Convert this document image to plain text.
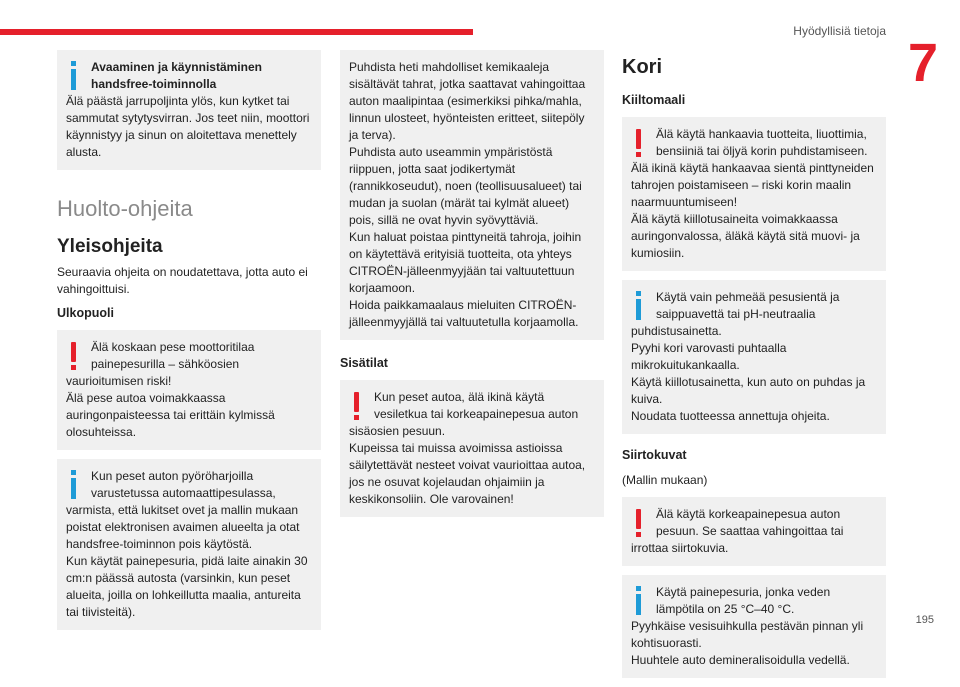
Hyödyllisiä tietoja
7
195
Avaaminen ja käynnistäminen handsfree-toiminnolla

Älä päästä jarrupoljinta ylös, kun kytket tai sammutat sytytysvirran. Jos teet niin, moottori käynnistyy ja sinun on aloitettava menettely alusta.

Huolto-ohjeita
Yleisohjeita

Seuraavia ohjeita on noudatettava, jotta auto ei vahingoittuisi.

Ulkopuoli

Älä koskaan pese moottoritilaa painepesurilla – sähköosien vaurioitumisen riski!

Älä pese autoa voimakkaassa auringonpaisteessa tai erittäin kylmissä olosuhteissa.

Kun peset auton pyöröharjoilla varustetussa automaattipesulassa, varmista, että lukitset ovet ja mallin mukaan poistat elektronisen avaimen alueelta ja otat handsfree-toiminnon pois käytöstä.

Kun käytät painepesuria, pidä laite ainakin 30 cm:n päässä autosta (varsinkin, kun peset alueita, joilla on lohkeillutta maalia, antureita tai tiivisteitä).

Puhdista heti mahdolliset kemikaaleja sisältävät tahrat, jotka saattavat vahingoittaa auton maalipintaa (esimerkiksi pihka/mahla, linnun ulosteet, hyönteisten eritteet, siitepöly ja terva).

Puhdista auto useammin ympäristöstä riippuen, jotta saat jodikertymät (rannikkoseudut), noen (teollisuusalueet) tai mudan ja suolan (märät tai kylmät alueet) pois, sillä ne ovat hyvin syövyttäviä.

Kun haluat poistaa pinttyneitä tahroja, joihin on käytettävä erityisiä tuotteita, ota yhteys CITROËN-jälleenmyyjään tai valtuutettuun korjaamoon.

Hoida paikkamaalaus mieluiten CITROËN-jälleenmyyjällä tai valtuutetulla korjaamolla.

Sisätilat

Kun peset autoa, älä ikinä käytä vesiletkua tai korkeapainepesua auton sisäosien pesuun.

Kupeissa tai muissa avoimissa astioissa säilytettävät nesteet voivat vaurioittaa autoa, jos ne osuvat kojelaudan ohjaimiin ja keskikonsoliin. Ole varovainen!

Kori
Kiiltomaali

Älä käytä hankaavia tuotteita, liuottimia, bensiiniä tai öljyä korin puhdistamiseen.

Älä ikinä käytä hankaavaa sientä pinttyneiden tahrojen poistamiseen – riski korin maalin naarmuuntumiseen!

Älä käytä kiillotusaineita voimakkaassa auringonvalossa, äläkä käytä sitä muovi- ja kumiosiin.

Käytä vain pehmeää pesusientä ja saippuavettä tai pH-neutraalia puhdistusainetta.

Pyyhi kori varovasti puhtaalla mikrokuitukankaalla.

Käytä kiillotusainetta, kun auto on puhdas ja kuiva.

Noudata tuotteessa annettuja ohjeita.

Siirtokuvat

(Mallin mukaan)

Älä käytä korkeapainepesua auton pesuun. Se saattaa vahingoittaa tai irrottaa siirtokuvia.

Käytä painepesuria, jonka veden lämpötila on 25 °C–40 °C.

Pyyhkäise vesisuihkulla pestävän pinnan yli kohtisuorasti.

Huuhtele auto demineralisoidulla vedellä.
